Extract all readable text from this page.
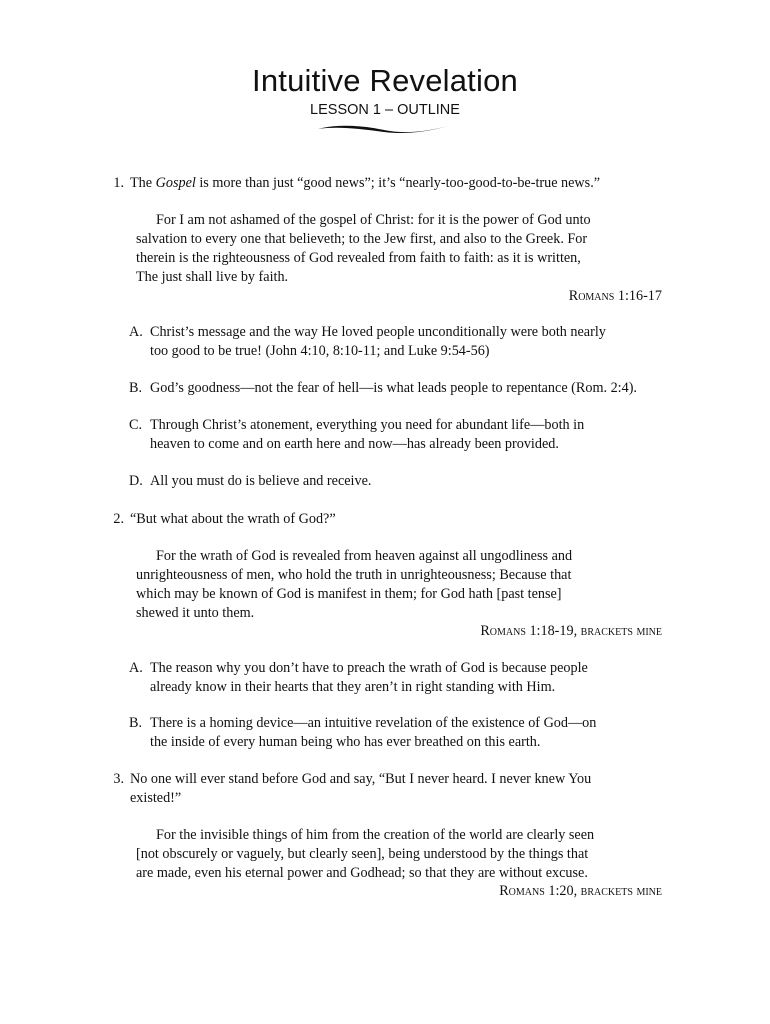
Intuitive Revelation
LESSON 1 – OUTLINE
1. The Gospel is more than just “good news”; it’s “nearly-too-good-to-be-true news.”
For I am not ashamed of the gospel of Christ: for it is the power of God unto
salvation to every one that believeth; to the Jew first, and also to the Greek. For
therein is the righteousness of God revealed from faith to faith: as it is written,
The just shall live by faith.
Romans 1:16-17
A. Christ’s message and the way He loved people unconditionally were both nearly
too good to be true! (John 4:10, 8:10-11; and Luke 9:54-56)
B. God’s goodness—not the fear of hell—is what leads people to repentance (Rom. 2:4).
C. Through Christ’s atonement, everything you need for abundant life—both in
heaven to come and on earth here and now—has already been provided.
D. All you must do is believe and receive.
2. “But what about the wrath of God?”
For the wrath of God is revealed from heaven against all ungodliness and
unrighteousness of men, who hold the truth in unrighteousness; Because that
which may be known of God is manifest in them; for God hath [past tense]
shewed it unto them.
Romans 1:18-19, brackets mine
A. The reason why you don’t have to preach the wrath of God is because people
already know in their hearts that they aren’t in right standing with Him.
B. There is a homing device—an intuitive revelation of the existence of God—on
the inside of every human being who has ever breathed on this earth.
3. No one will ever stand before God and say, “But I never heard. I never knew You
existed!”
For the invisible things of him from the creation of the world are clearly seen
[not obscurely or vaguely, but clearly seen], being understood by the things that
are made, even his eternal power and Godhead; so that they are without excuse.
Romans 1:20, brackets mine
